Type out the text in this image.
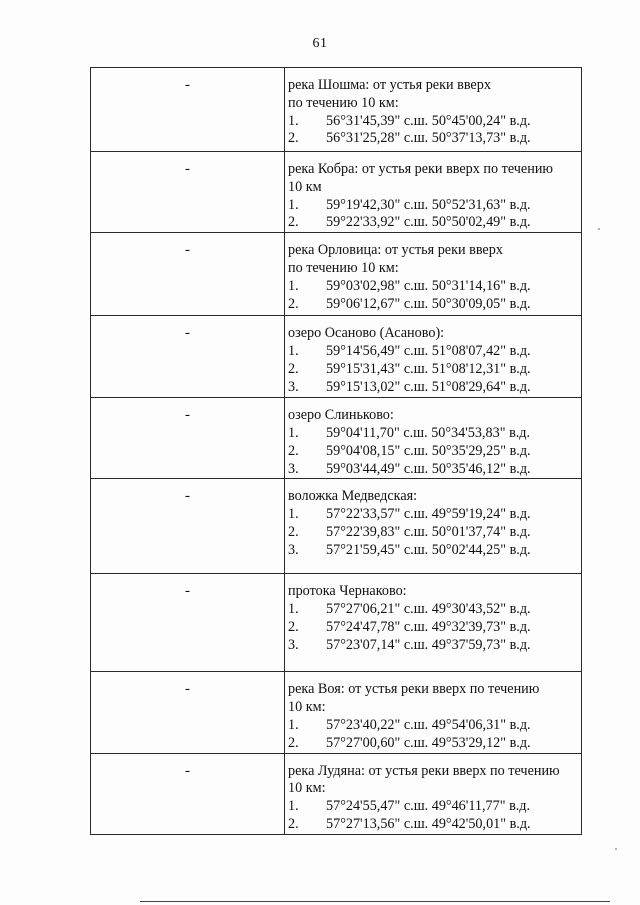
61
-	река Шошма: от устья реки вверх
по течению 10 км:
1. 56°31'45,39" с.ш. 50°45'00,24" в.д.
2. 56°31'25,28" с.ш. 50°37'13,73" в.д.

-	река Кобра: от устья реки вверх по течению
10 км
1. 59°19'42,30" с.ш. 50°52'31,63" в.д.
2. 59°22'33,92" с.ш. 50°50'02,49" в.д.

-	река Орловица: от устья реки вверх
по течению 10 км:
1. 59°03'02,98" с.ш. 50°31'14,16" в.д.
2. 59°06'12,67" с.ш. 50°30'09,05" в.д.

-	озеро Осаново (Асаново):
1. 59°14'56,49" с.ш. 51°08'07,42" в.д.
2. 59°15'31,43" с.ш. 51°08'12,31" в.д.
3. 59°15'13,02" с.ш. 51°08'29,64" в.д.

-	озеро Слиньково:
1. 59°04'11,70" с.ш. 50°34'53,83" в.д.
2. 59°04'08,15" с.ш. 50°35'29,25" в.д.
3. 59°03'44,49" с.ш. 50°35'46,12" в.д.

-	воложка Медведская:
1. 57°22'33,57" с.ш. 49°59'19,24" в.д.
2. 57°22'39,83" с.ш. 50°01'37,74" в.д.
3. 57°21'59,45" с.ш. 50°02'44,25" в.д.

-	протока Чернаково:
1. 57°27'06,21" с.ш. 49°30'43,52" в.д.
2. 57°24'47,78" с.ш. 49°32'39,73" в.д.
3. 57°23'07,14" с.ш. 49°37'59,73" в.д.

-	река Воя: от устья реки вверх по течению
10 км:
1. 57°23'40,22" с.ш. 49°54'06,31" в.д.
2. 57°27'00,60" с.ш. 49°53'29,12" в.д.

-	река Лудяна: от устья реки вверх по течению
10 км:
1. 57°24'55,47" с.ш. 49°46'11,77" в.д.
2. 57°27'13,56" с.ш. 49°42'50,01" в.д.
